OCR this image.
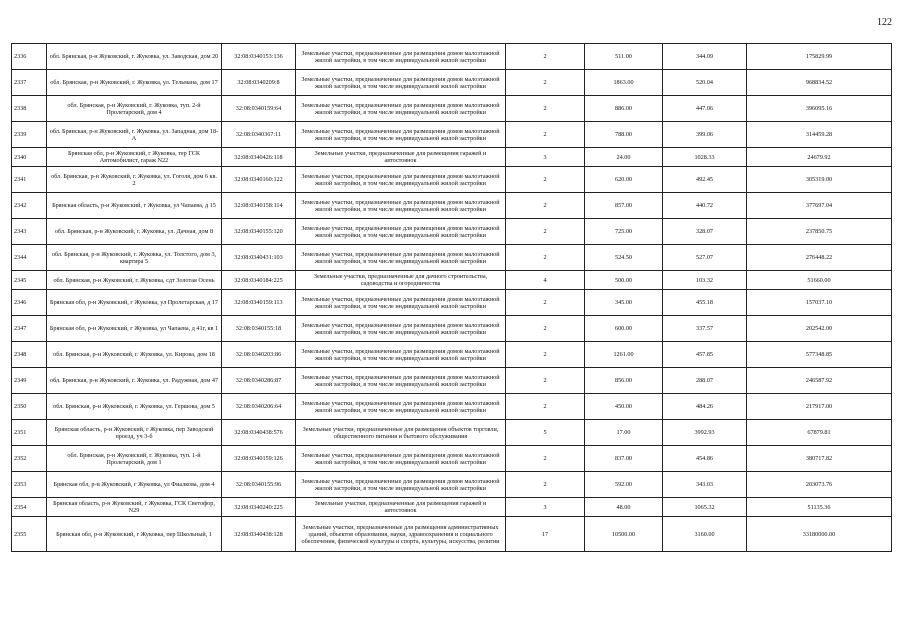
122
2336	обл. Брянская, р-н Жуковский, г. Жуковка, ул. Заводская, дом 20	32:08:0340153:136	Земельные участки, предназначенные для размещения домов малоэтажной жилой застройки, в том числе индивидуальной жилой застройки	2	511.00	344.09	175829.99
2337	обл. Брянская, р-н Жуковский, г. Жуковка, ул. Тельмана, дом 17	32:08:0340209:8	Земельные участки, предназначенные для размещения домов малоэтажной жилой застройки, в том числе индивидуальной жилой застройки	2	1863.00	520.04	968834.52
2338	обл. Брянская, р-н Жуковский, г. Жуковка, туп. 2-й Пролетарский, дом 4	32:08:0340159:64	Земельные участки, предназначенные для размещения домов малоэтажной жилой застройки, в том числе индивидуальной жилой застройки	2	886.00	447.06	396095.16
2339	обл. Брянская, р-н Жуковский, г. Жуковка, ул. Западная, дом 18-А	32:08:0340367:11	Земельные участки, предназначенные для размещения домов малоэтажной жилой застройки, в том числе индивидуальной жилой застройки	2	788.00	399.06	314459.28
2340	Брянская обл, р-н Жуковский, г Жуковка, тер ГСК Автомобилист, гараж N22	32:08:0340426:118	Земельные участки, предназначенные для размещения гаражей и автостоянок	3	24.00	1028.33	24679.92
2341	обл. Брянская, р-н Жуковский, г. Жуковка, ул. Гоголя, дом 6 кв. 2	32:08:0340160:122	Земельные участки, предназначенные для размещения домов малоэтажной жилой застройки, в том числе индивидуальной жилой застройки	2	620.00	492.45	305319.00
2342	Брянская область, р-н Жуковский, г Жуковка, ул Чапаева, д 15	32:08:0340158:114	Земельные участки, предназначенные для размещения домов малоэтажной жилой застройки, в том числе индивидуальной жилой застройки	2	857.00	440.72	377697.04
2343	обл. Брянская, р-н Жуковский, г. Жуковка, ул. Дачная, дом 8	32:08:0340155:120	Земельные участки, предназначенные для размещения домов малоэтажной жилой застройки, в том числе индивидуальной жилой застройки	2	725.00	328.07	237850.75
2344	обл. Брянская, р-н Жуковский, г. Жуковка, ул. Толстого, дом 3, квартира 5	32:08:0340431:103	Земельные участки, предназначенные для размещения домов малоэтажной жилой застройки, в том числе индивидуальной жилой застройки	2	524.50	527.07	276448.22
2345	обл. Брянская, р-н Жуковский, г. Жуковка, сдт Золотая Осень	32:08:0340184:225	Земельные участки, предназначенные для дачного строительства, садоводства и огородничества	4	500.00	103.32	51660.00
2346	Брянская обл, р-н Жуковский, г Жуковка, ул Пролетарская, д 17	32:08:0340159:113	Земельные участки, предназначенные для размещения домов малоэтажной жилой застройки, в том числе индивидуальной жилой застройки	2	345.00	455.18	157037.10
2347	Брянская обл, р-н Жуковский, г Жуковка, ул Чапаева, д 41г, кв 1	32:08:0340155:18	Земельные участки, предназначенные для размещения домов малоэтажной жилой застройки, в том числе индивидуальной жилой застройки	2	600.00	337.57	202542.00
2348	обл. Брянская, р-н Жуковский, г. Жуковка, ул. Кирова, дом 18	32:08:0340203:86	Земельные участки, предназначенные для размещения домов малоэтажной жилой застройки, в том числе индивидуальной жилой застройки	2	1261.00	457.85	577348.85
2349	обл. Брянская, р-н Жуковский, г. Жуковка, ул. Радужная, дом 47	32:08:0340286:87	Земельные участки, предназначенные для размещения домов малоэтажной жилой застройки, в том числе индивидуальной жилой застройки	2	856.00	288.07	246587.92
2350	обл. Брянская, р-н Жуковский, г. Жуковка, ул. Гершова, дом 5	32:08:0340206:64	Земельные участки, предназначенные для размещения домов малоэтажной жилой застройки, в том числе индивидуальной жилой застройки	2	450.00	484.26	217917.00
2351	Брянская область, р-н Жуковский, г Жуковка, пер Заводской проезд, уч 3-б	32:08:0340438:576	Земельные участки, предназначенные для размещения объектов торговли, общественного питания и бытового обслуживания	5	17.00	3992.93	67879.81
2352	обл. Брянская, р-н Жуковский, г. Жуковка, туп. 1-й Пролетарский, дом 1	32:08:0340159:126	Земельные участки, предназначенные для размещения домов малоэтажной жилой застройки, в том числе индивидуальной жилой застройки	2	837.00	454.86	380717.82
2353	Брянская обл, р-н Жуковский, г Жуковка, ул Фиалкова, дом 4	32:08:0340155:96	Земельные участки, предназначенные для размещения домов малоэтажной жилой застройки, в том числе индивидуальной жилой застройки	2	592.00	343.03	203073.76
2354	Брянская область, р-н Жуковский, г Жуковка, ГСК Светофор, N29	32:08:0340240:225	Земельные участки, предназначенные для размещения гаражей и автостоянок	3	48.00	1065.32	51135.36
2355	Брянская обл, р-н Жуковский, г Жуковка, пер Школьный, 1	32:08:0340438:128	Земельные участки, предназначенные для размещения административных зданий, объектов образования, науки, здравоохранения и социального обеспечения, физической культуры и спорта, культуры, искусства, религии	17	10500.00	3160.00	33180000.00
